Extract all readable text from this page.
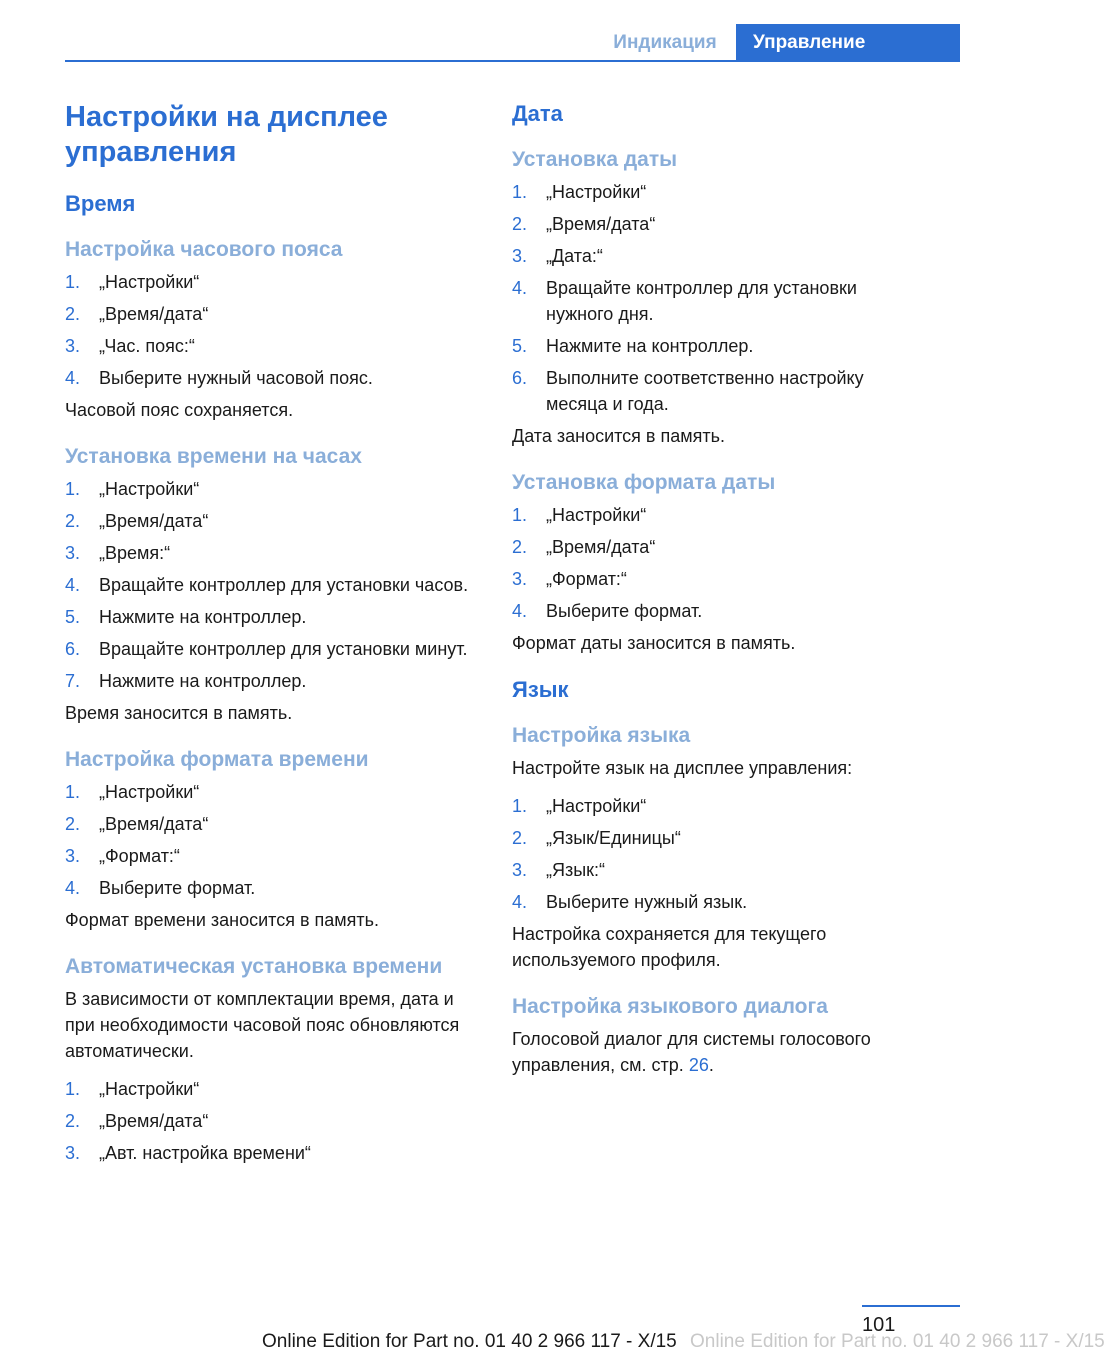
Индикация	Управление
Настройки на дисплее управления
Время
Настройка часового пояса
1. „Настройки“
2. „Время/дата“
3. „Час. пояс:“
4. Выберите нужный часовой пояс.
Часовой пояс сохраняется.
Установка времени на часах
1. „Настройки“
2. „Время/дата“
3. „Время:“
4. Вращайте контроллер для установки часов.
5. Нажмите на контроллер.
6. Вращайте контроллер для установки минут.
7. Нажмите на контроллер.
Время заносится в память.
Настройка формата времени
1. „Настройки“
2. „Время/дата“
3. „Формат:“
4. Выберите формат.
Формат времени заносится в память.
Автоматическая установка времени
В зависимости от комплектации время, дата и при необходимости часовой пояс обновляются автоматически.
1. „Настройки“
2. „Время/дата“
3. „Авт. настройка времени“
Дата
Установка даты
1. „Настройки“
2. „Время/дата“
3. „Дата:“
4. Вращайте контроллер для установки нужного дня.
5. Нажмите на контроллер.
6. Выполните соответственно настройку месяца и года.
Дата заносится в память.
Установка формата даты
1. „Настройки“
2. „Время/дата“
3. „Формат:“
4. Выберите формат.
Формат даты заносится в память.
Язык
Настройка языка
Настройте язык на дисплее управления:
1. „Настройки“
2. „Язык/Единицы“
3. „Язык:“
4. Выберите нужный язык.
Настройка сохраняется для текущего используемого профиля.
Настройка языкового диалога
Голосовой диалог для системы голосового управления, см. стр. 26.
101
Online Edition for Part no. 01 40 2 966 117 - X/15 Online Edition for Part no. 01 40 2 966 117 - X/15
